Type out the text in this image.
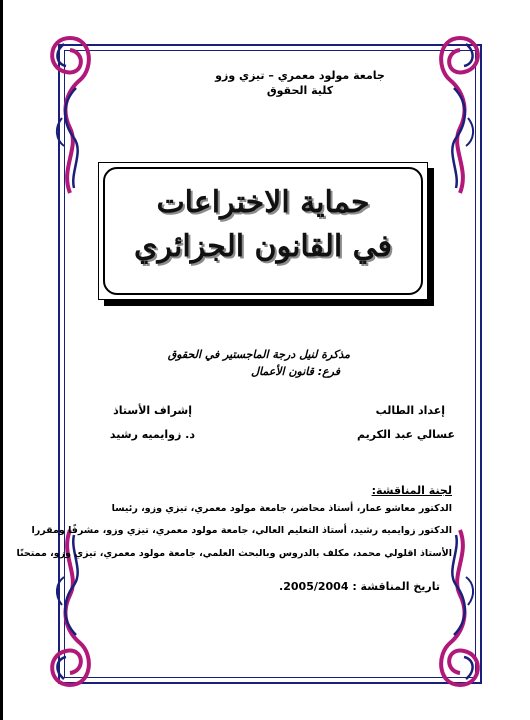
جامعة مولود معمري – تيزي وزو
كلية الحقوق
حماية الاختراعات
في القانون الجزائري
مذكرة لنيل درجة الماجستير في الحقوق
فرع: قانون الأعمال
إعداد الطالب
عسالي عبد الكريم
إشراف الأستاذ
د. زوايميه رشيد
لجنة المناقشة:
الدكتور معاشو عمار، أستاذ محاضر، جامعة مولود معمري، تيزي وزو، رئيسا
الدكتور زوايميه رشيد، أستاذ التعليم العالي، جامعة مولود معمري، تيزي وزو، مشرفًا ومقررا
الأستاذ اقلولي محمد، مكلف بالدروس وبالبحث العلمي، جامعة مولود معمري، تيزي وزو، ممتحنًا
تاريخ المناقشة : 2005/2004.
